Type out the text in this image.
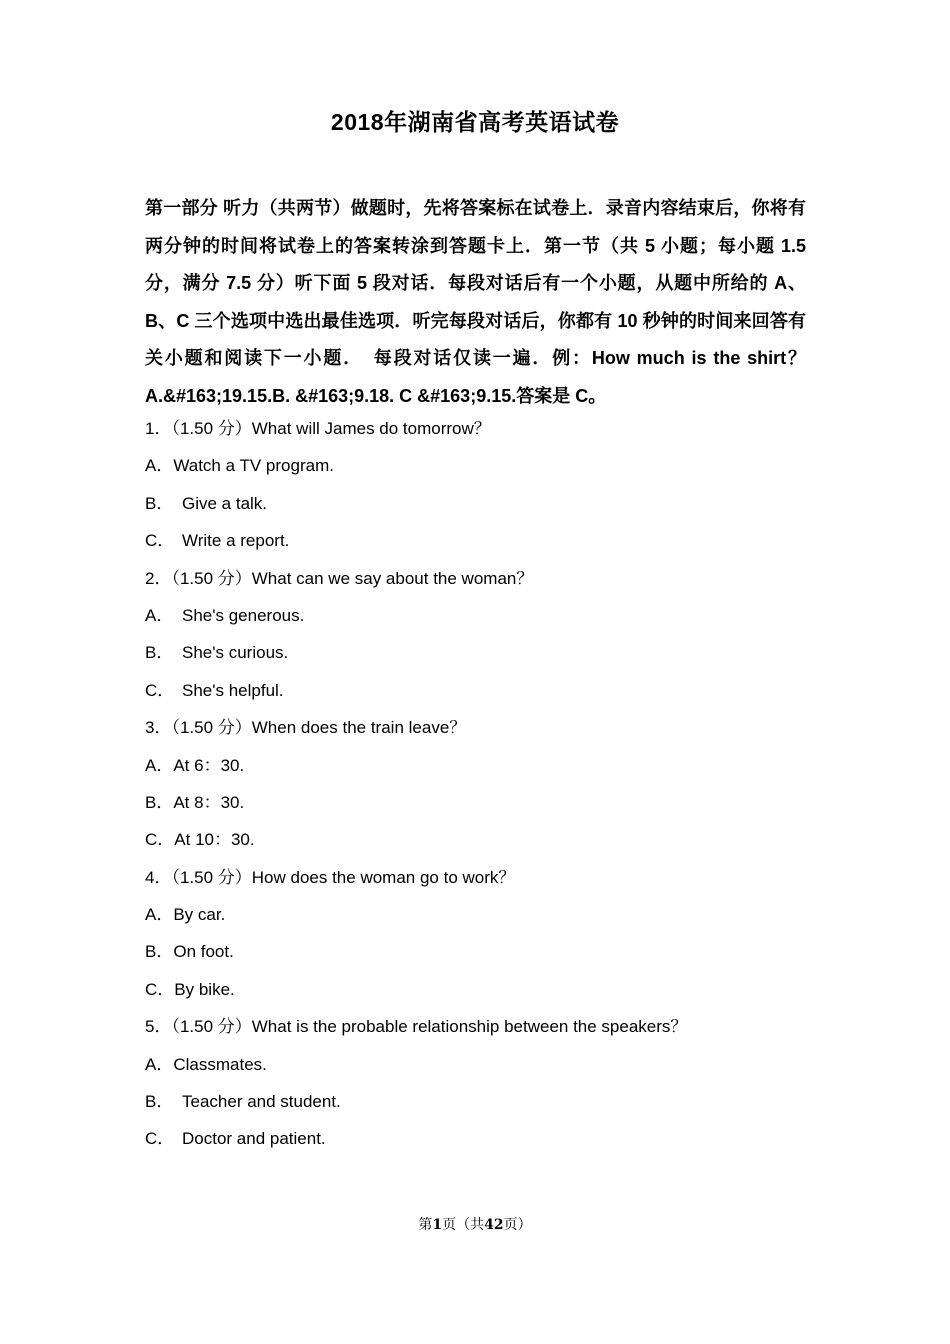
2018年湖南省高考英语试卷

第一部分 听力（共两节）做题时，先将答案标在试卷上．录音内容结束后，你将有两分钟的时间将试卷上的答案转涂到答题卡上．第一节（共 5 小题；每小题 1.5 分，满分 7.5 分）听下面 5 段对话．每段对话后有一个小题，从题中所给的 A、B、C 三个选项中选出最佳选项．听完每段对话后，你都有 10 秒钟的时间来回答有关小题和阅读下一小题．　每段对话仅读一遍．例：How much is the shirt？A.&#163;19.15.B. &#163;9.18. C &#163;9.15.答案是 C。

1．（1.50 分）What will James do tomorrow？
A．Watch a TV program.
B． Give a talk.
C． Write a report.
2．（1.50 分）What can we say about the woman？
A． She's generous.
B． She's curious.
C． She's helpful.
3．（1.50 分）When does the train leave？
A．At 6：30.
B．At 8：30.
C．At 10：30.
4．（1.50 分）How does the woman go to work？
A．By car.
B．On foot.
C．By bike.
5．（1.50 分）What is the probable relationship between the speakers？
A．Classmates.
B． Teacher and student.
C． Doctor and patient.
第1页（共42页）
